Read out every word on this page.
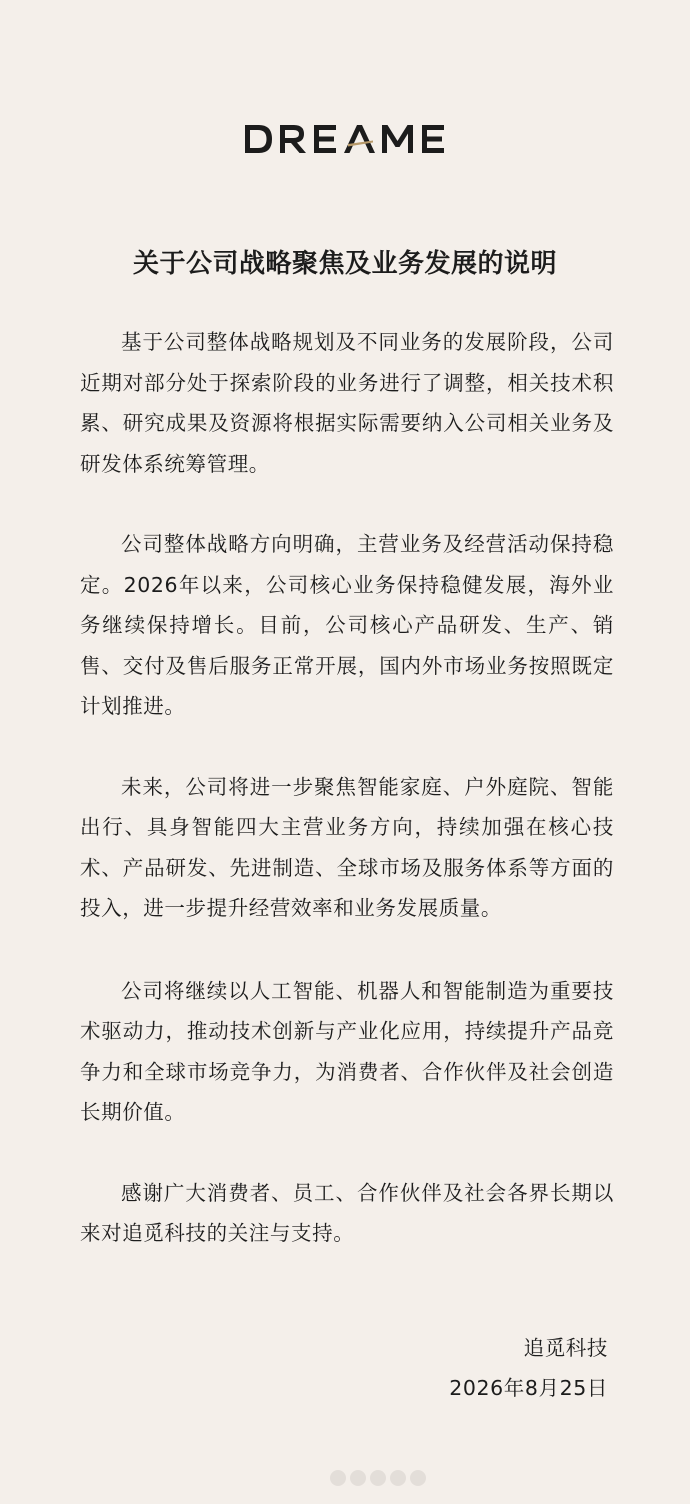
关于公司战略聚焦及业务发展的说明

基于公司整体战略规划及不同业务的发展阶段，公司近期对部分处于探索阶段的业务进行了调整，相关技术积累、研究成果及资源将根据实际需要纳入公司相关业务及研发体系统筹管理。

公司整体战略方向明确，主营业务及经营活动保持稳定。2026年以来，公司核心业务保持稳健发展，海外业务继续保持增长。目前，公司核心产品研发、生产、销售、交付及售后服务正常开展，国内外市场业务按照既定计划推进。

未来，公司将进一步聚焦智能家庭、户外庭院、智能出行、具身智能四大主营业务方向，持续加强在核心技术、产品研发、先进制造、全球市场及服务体系等方面的投入，进一步提升经营效率和业务发展质量。

公司将继续以人工智能、机器人和智能制造为重要技术驱动力，推动技术创新与产业化应用，持续提升产品竞争力和全球市场竞争力，为消费者、合作伙伴及社会创造长期价值。

感谢广大消费者、员工、合作伙伴及社会各界长期以来对追觅科技的关注与支持。

追觅科技

2026年8月25日
